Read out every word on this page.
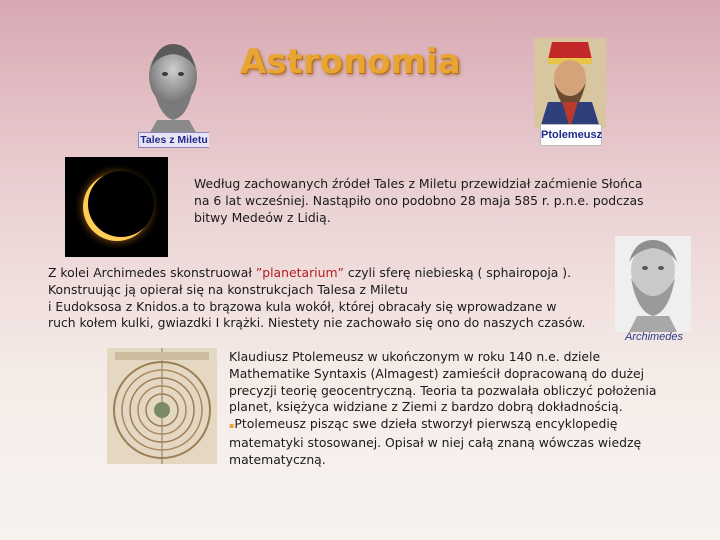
Astronomia
Tales z Miletu	Ptolemeusz
Według zachowanych źródeł Tales z Miletu przewidział zaćmienie Słońca na 6 lat wcześniej. Nastąpiło ono podobno 28 maja 585 r. p.n.e. podczas bitwy Medeów z Lidią.
Archimedes

Z kolei Archimedes skonstruował ”planetarium” czyli sferę niebieską ( sphairopoja ).

Konstruując ją opierał się na konstrukcjach Talesa z Miletu

i Eudoksosa z Knidos.a to brązowa kula wokół, której obracały się wprowadzane w

ruch kołem kulki, gwiazdki I krążki. Niestety nie zachowało się ono do naszych czasów.

Klaudiusz Ptolemeusz w ukończonym w roku 140 n.e. dziele Mathematike Syntaxis (Almagest) zamieścił dopracowaną do dużej precyzji teorię geocentryczną. Teoria ta pozwalała obliczyć położenia planet, księżyca widziane z Ziemi z bardzo dobrą dokładnością.

▪Ptolemeusz pisząc swe dzieła stworzył pierwszą encyklopedię matematyki stosowanej. Opisał w niej całą znaną wówczas wiedzę matematyczną.
